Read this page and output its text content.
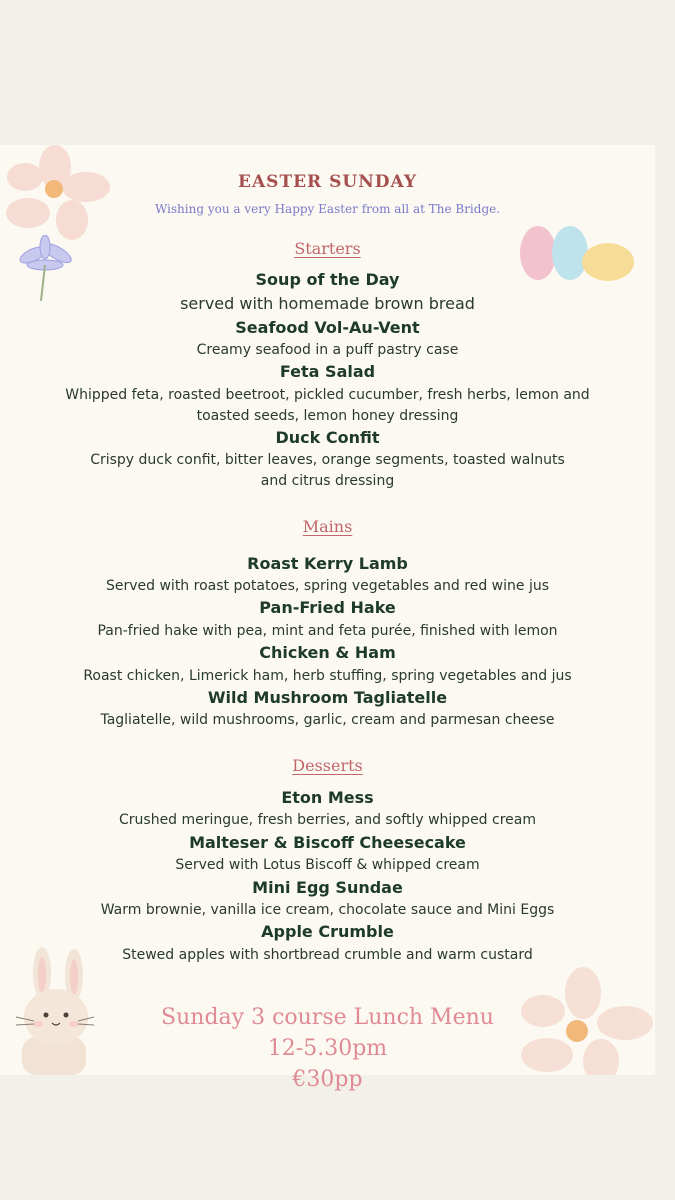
EASTER SUNDAY
Wishing you a very Happy Easter from all at The Bridge.
Starters
Soup of the Day
served with homemade brown bread
Seafood Vol-Au-Vent
Creamy seafood in a puff pastry case
Feta Salad
Whipped feta, roasted beetroot, pickled cucumber, fresh herbs, lemon and
toasted seeds, lemon honey dressing
Duck Confit
Crispy duck confit, bitter leaves, orange segments, toasted walnuts
and citrus dressing
Mains
Roast Kerry Lamb
Served with roast potatoes, spring vegetables and red wine jus
Pan-Fried Hake
Pan-fried hake with pea, mint and feta purée, finished with lemon
Chicken & Ham
Roast chicken, Limerick ham, herb stuffing, spring vegetables and jus
Wild Mushroom Tagliatelle
Tagliatelle, wild mushrooms, garlic, cream and parmesan cheese
Desserts
Eton Mess
Crushed meringue, fresh berries, and softly whipped cream
Malteser & Biscoff Cheesecake
Served with Lotus Biscoff & whipped cream
Mini Egg Sundae
Warm brownie, vanilla ice cream, chocolate sauce and Mini Eggs
Apple Crumble
Stewed apples with shortbread crumble and warm custard
Sunday 3 course Lunch Menu
12-5.30pm
€30pp
